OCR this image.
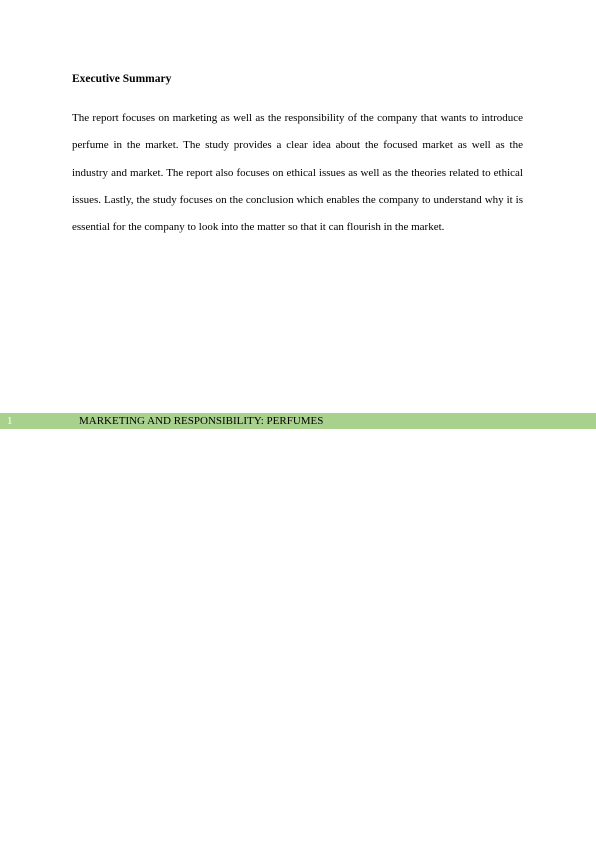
Executive Summary

The report focuses on marketing as well as the responsibility of the company that wants to introduce perfume in the market. The study provides a clear idea about the focused market as well as the industry and market. The report also focuses on ethical issues as well as the theories related to ethical issues. Lastly, the study focuses on the conclusion which enables the company to understand why it is essential for the company to look into the matter so that it can flourish in the market.

1	MARKETING AND RESPONSIBILITY: PERFUMES
